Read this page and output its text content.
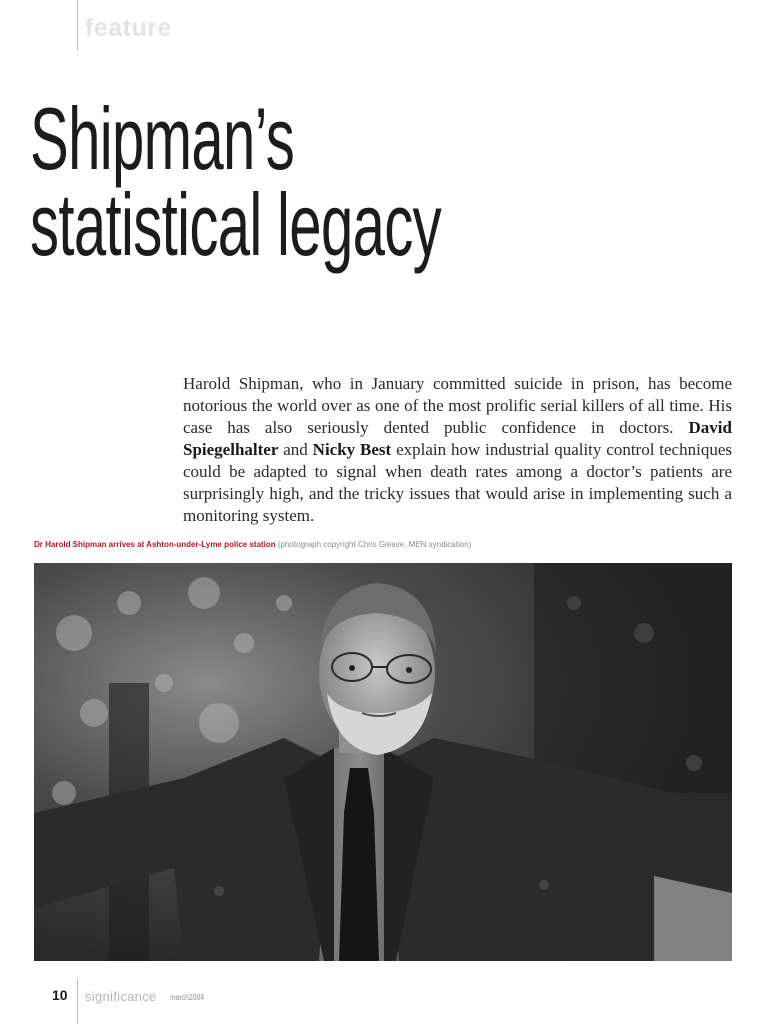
feature
Shipman’s
statistical legacy

Harold Shipman, who in January committed suicide in prison, has become notorious the world over as one of the most prolific serial killers of all time. His case has also seriously dented public confidence in doctors. David Spiegelhalter and Nicky Best explain how industrial quality control techniques could be adapted to signal when death rates among a doctor’s patients are surprisingly high, and the tricky issues that would arise in implementing such a monitoring system.

Dr Harold Shipman arrives at Ashton-under-Lyme police station (photograph copyright Chris Gleave, MEN syndication)
10 significance march2004
